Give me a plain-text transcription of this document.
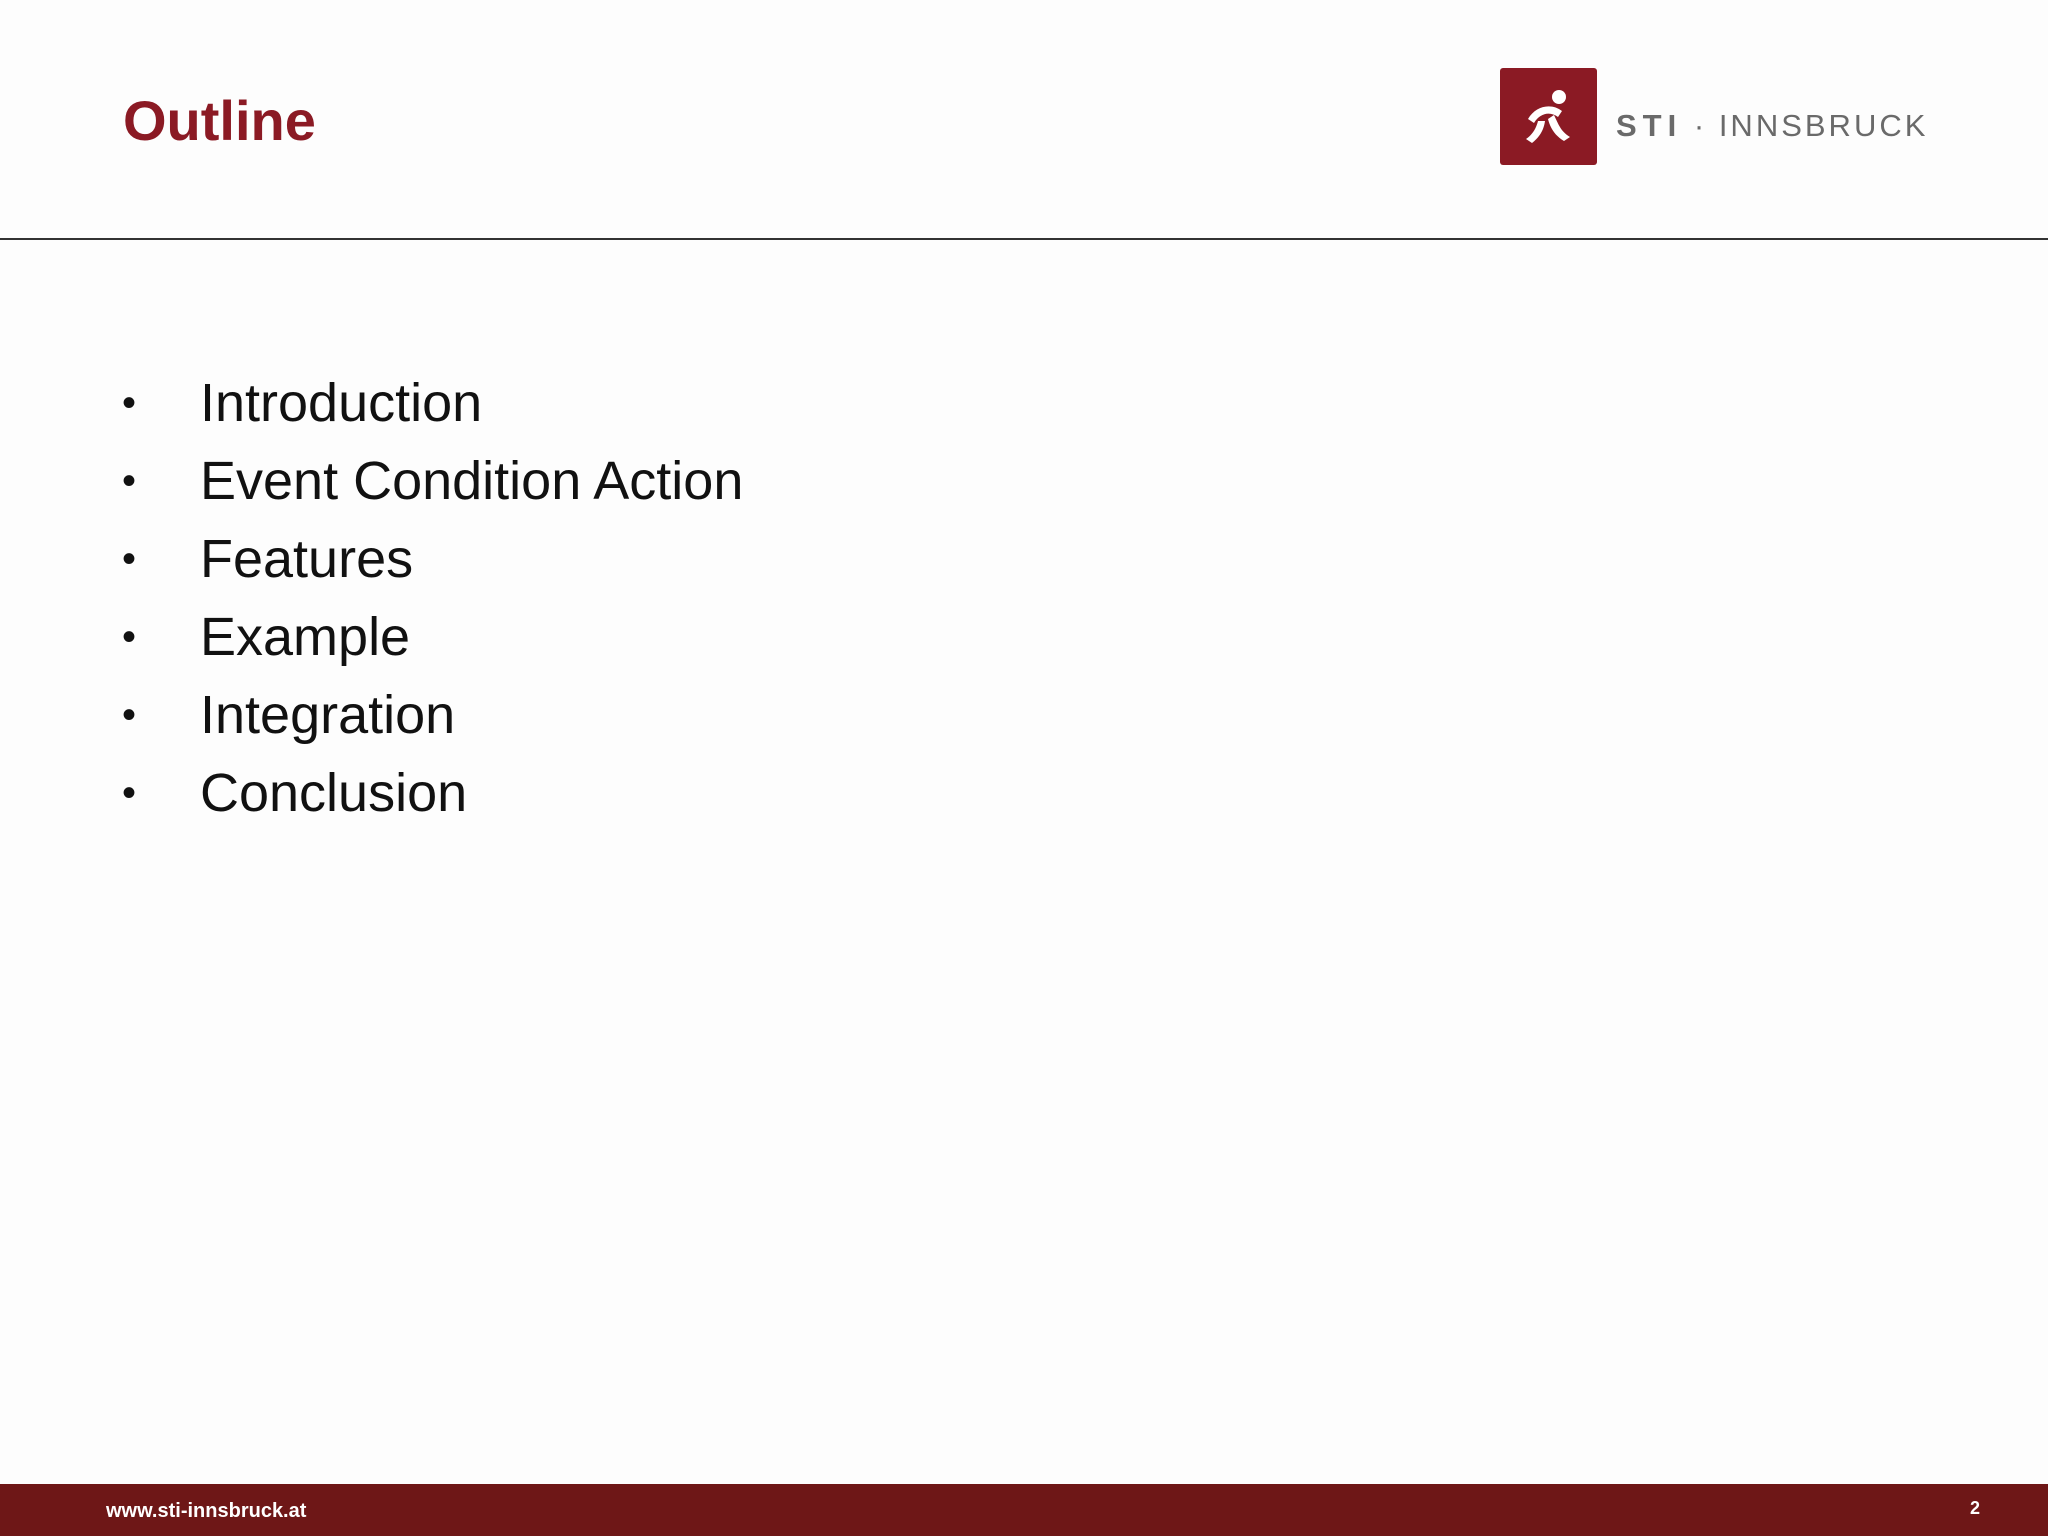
Outline	STI · INNSBRUCK
•	Introduction
•	Event Condition Action
•	Features
•	Example
•	Integration
•	Conclusion
www.sti-innsbruck.at	2
